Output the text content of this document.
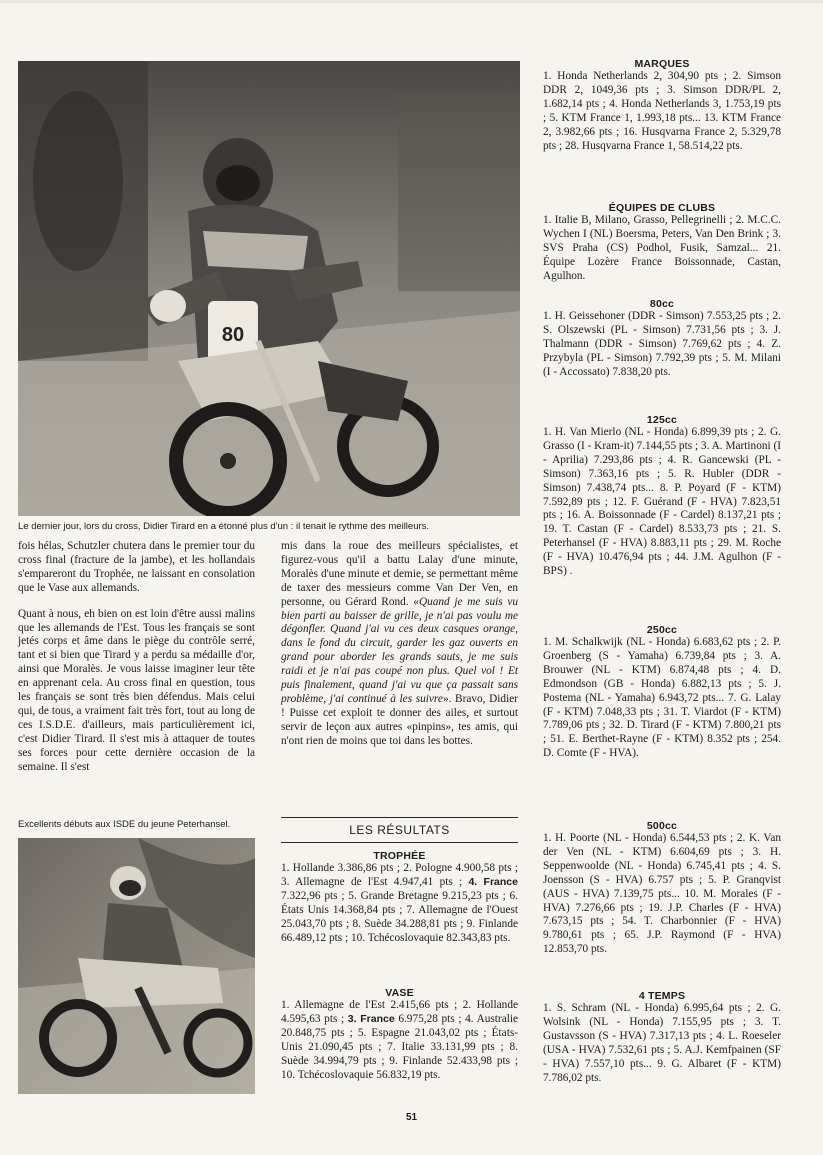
80
Le dernier jour, lors du cross, Didier Tirard en a étonné plus d'un : il tenait le rythme des meilleurs.

fois hélas, Schutzler chutera dans le premier tour du cross final (fracture de la jambe), et les hollandais s'empareront du Trophée, ne laissant en consolation que le Vase aux allemands.

Quant à nous, eh bien on est loin d'être aussi malins que les allemands de l'Est. Tous les français se sont jetés corps et âme dans le piège du contrôle serré, tant et si bien que Tirard y a perdu sa médaille d'or, ainsi que Moralès. Je vous laisse imaginer leur tête en apprenant cela. Au cross final en question, tous les français se sont très bien défendus. Mais celui qui, de tous, a vraiment fait très fort, tout au long de ces I.S.D.E. d'ailleurs, mais particulièrement ici, c'est Didier Tirard. Il s'est mis à attaquer de toutes ses forces pour cette dernière occasion de la semaine. Il s'est

Excellents débuts aux ISDE du jeune Peterhansel.
mis dans la roue des meilleurs spécialistes, et figurez-vous qu'il a battu Lalay d'une minute, Moralès d'une minute et demie, se permettant même de taxer des messieurs comme Van Der Ven, en personne, ou Gérard Rond. «Quand je me suis vu bien parti au baisser de grille, je n'ai pas voulu me dégonfler. Quand j'ai vu ces deux casques orange, dans le fond du circuit, garder les gaz ouverts en grand pour aborder les grands sauts, je me suis raidi et je n'ai pas coupé non plus. Quel vol ! Et puis finalement, quand j'ai vu que ça passait sans problème, j'ai continué à les suivre». Bravo, Didier ! Puisse cet exploit te donner des ailes, et surtout servir de leçon aux autres «pinpins», tes amis, qui n'ont rien de moins que toi dans les bottes.
LES RÉSULTATS
TROPHÉE
1. Hollande 3.386,86 pts ; 2. Pologne 4.900,58 pts ; 3. Allemagne de l'Est 4.947,41 pts ; 4. France 7.322,96 pts ; 5. Grande Bretagne 9.215,23 pts ; 6. États Unis 14.368,84 pts ; 7. Allemagne de l'Ouest 25.043,70 pts ; 8. Suède 34.288,81 pts ; 9. Finlande 66.489,12 pts ; 10. Tchécoslovaquie 82.343,83 pts.
VASE
1. Allemagne de l'Est 2.415,66 pts ; 2. Hollande 4.595,63 pts ; 3. France 6.975,28 pts ; 4. Australie 20.848,75 pts ; 5. Espagne 21.043,02 pts ; États-Unis 21.090,45 pts ; 7. Italie 33.131,99 pts ; 8. Suède 34.994,79 pts ; 9. Finlande 52.433,98 pts ; 10. Tchécoslovaquie 56.832,19 pts.
MARQUES
1. Honda Netherlands 2, 304,90 pts ; 2. Simson DDR 2, 1049,36 pts ; 3. Simson DDR/PL 2, 1.682,14 pts ; 4. Honda Netherlands 3, 1.753,19 pts ; 5. KTM France 1, 1.993,18 pts... 13. KTM France 2, 3.982,66 pts ; 16. Husqvarna France 2, 5.329,78 pts ; 28. Husqvarna France 1, 58.514,22 pts.
ÉQUIPES DE CLUBS
1. Italie B, Milano, Grasso, Pellegrinelli ; 2. M.C.C. Wychen I (NL) Boersma, Peters, Van Den Brink ; 3. SVS Praha (CS) Podhol, Fusik, Samzal... 21. Équipe Lozère France Boissonnade, Castan, Agulhon.
80cc
1. H. Geissehoner (DDR - Simson) 7.553,25 pts ; 2. S. Olszewski (PL - Simson) 7.731,56 pts ; 3. J. Thalmann (DDR - Simson) 7.769,62 pts ; 4. Z. Przybyla (PL - Simson) 7.792,39 pts ; 5. M. Milani (I - Accossato) 7.838,20 pts.
125cc
1. H. Van Mierlo (NL - Honda) 6.899,39 pts ; 2. G. Grasso (I - Kram-it) 7.144,55 pts ; 3. A. Martinoni (I - Aprilia) 7.293,86 pts ; 4. R. Gancewski (PL - Simson) 7.363,16 pts ; 5. R. Hubler (DDR - Simson) 7.438,74 pts... 8. P. Poyard (F - KTM) 7.592,89 pts ; 12. F. Guérand (F - HVA) 7.823,51 pts ; 16. A. Boissonnade (F - Cardel) 8.137,21 pts ; 19. T. Castan (F - Cardel) 8.533,73 pts ; 21. S. Peterhansel (F - HVA) 8.883,11 pts ; 29. M. Roche (F - HVA) 10.476,94 pts ; 44. J.M. Agulhon (F - BPS) .
250cc
1. M. Schalkwijk (NL - Honda) 6.683,62 pts ; 2. P. Groenberg (S - Yamaha) 6.739,84 pts ; 3. A. Brouwer (NL - KTM) 6.874,48 pts ; 4. D. Edmondson (GB - Honda) 6.882,13 pts ; 5. J. Postema (NL - Yamaha) 6.943,72 pts... 7. G. Lalay (F - KTM) 7.048,33 pts ; 31. T. Viardot (F - KTM) 7.789,06 pts ; 32. D. Tirard (F - KTM) 7.800,21 pts ; 51. E. Berthet-Rayne (F - KTM) 8.352 pts ; 254. D. Comte (F - HVA).
500cc
1. H. Poorte (NL - Honda) 6.544,53 pts ; 2. K. Van der Ven (NL - KTM) 6.604,69 pts ; 3. H. Seppenwoolde (NL - Honda) 6.745,41 pts ; 4. S. Joensson (S - HVA) 6.757 pts ; 5. P. Granqvist (AUS - HVA) 7.139,75 pts... 10. M. Morales (F - HVA) 7.276,66 pts ; 19. J.P. Charles (F - HVA) 7.673,15 pts ; 54. T. Charbonnier (F - HVA) 9.780,61 pts ; 65. J.P. Raymond (F - HVA) 12.853,70 pts.
4 TEMPS
1. S. Schram (NL - Honda) 6.995,64 pts ; 2. G. Wolsink (NL - Honda) 7.155,95 pts ; 3. T. Gustavsson (S - HVA) 7.317,13 pts ; 4. L. Roeseler (USA - HVA) 7.532,61 pts ; 5. A.J. Kemfpainen (SF - HVA) 7.557,10 pts... 9. G. Albaret (F - KTM) 7.786,02 pts.
51
